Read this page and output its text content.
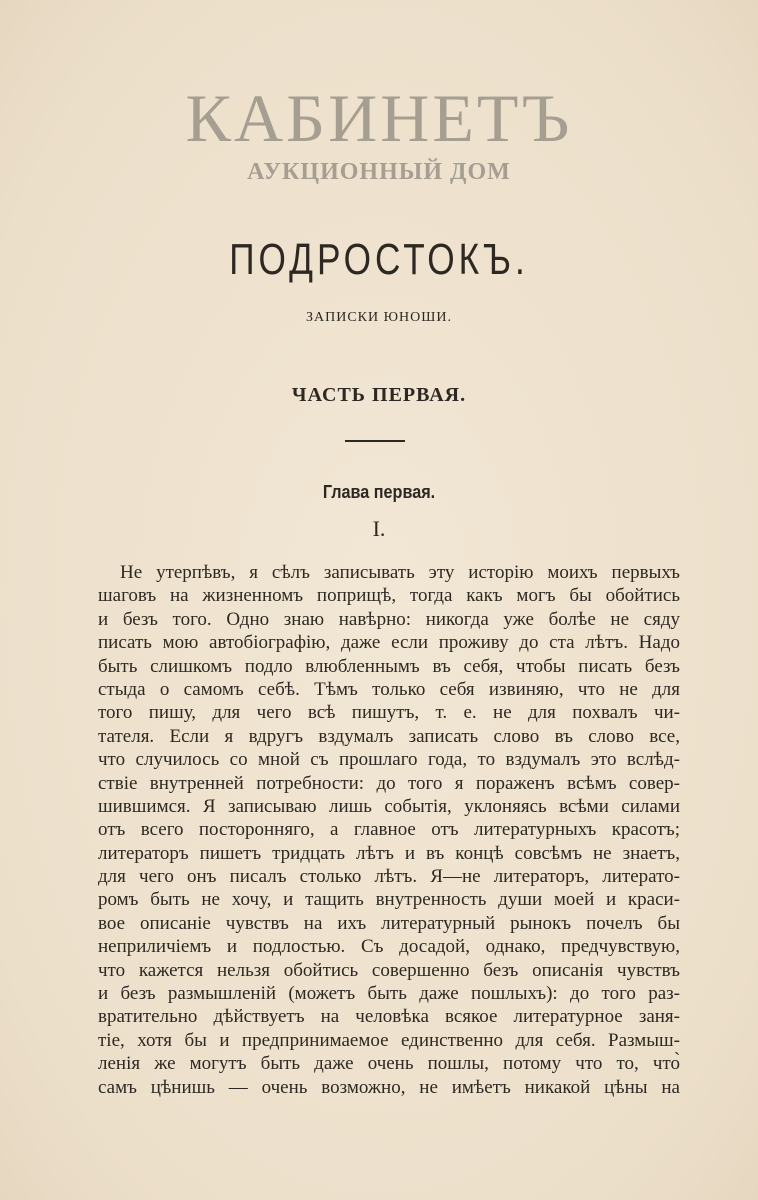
КАБИНЕТЪ
АУКЦИОННЫЙ ДОМ
ПОДРОСТОКЪ.
ЗАПИСКИ ЮНОШИ.
ЧАСТЬ ПЕРВАЯ.
Глава первая.
I.
Не утерпѣвъ, я сѣлъ записывать эту исторію моихъ первыхъ
шаговъ на жизненномъ поприщѣ, тогда какъ могъ бы обойтись
и безъ того. Одно знаю навѣрно: никогда уже болѣе не сяду
писать мою автобіографію, даже если проживу до ста лѣтъ. Надо
быть слишкомъ подло влюбленнымъ въ себя, чтобы писать безъ
стыда о самомъ себѣ. Тѣмъ только себя извиняю, что не для
того пишу, для чего всѣ пишутъ, т. е. не для похвалъ чи-
тателя. Если я вдругъ вздумалъ записать слово въ слово все,
что случилось со мной съ прошлаго года, то вздумалъ это вслѣд-
ствіе внутренней потребности: до того я пораженъ всѣмъ совер-
шившимся. Я записываю лишь событія, уклоняясь всѣми силами
отъ всего посторонняго, а главное отъ литературныхъ красотъ;
литераторъ пишетъ тридцать лѣтъ и въ концѣ совсѣмъ не знаетъ,
для чего онъ писалъ столько лѣтъ. Я—не литераторъ, литерато-
ромъ быть не хочу, и тащить внутренность души моей и краси-
вое описаніе чувствъ на ихъ литературный рынокъ почелъ бы
неприличіемъ и подлостью. Съ досадой, однако, предчувствую,
что кажется нельзя обойтись совершенно безъ описанія чувствъ
и безъ размышленій (можетъ быть даже пошлыхъ): до того раз-
вратительно дѣйствуетъ на человѣка всякое литературное заня-
тіе, хотя бы и предпринимаемое единственно для себя. Размыш-
ленія же могутъ быть даже очень пошлы, потому что то, что̀
самъ цѣнишь — очень возможно, не имѣетъ никакой цѣны на
